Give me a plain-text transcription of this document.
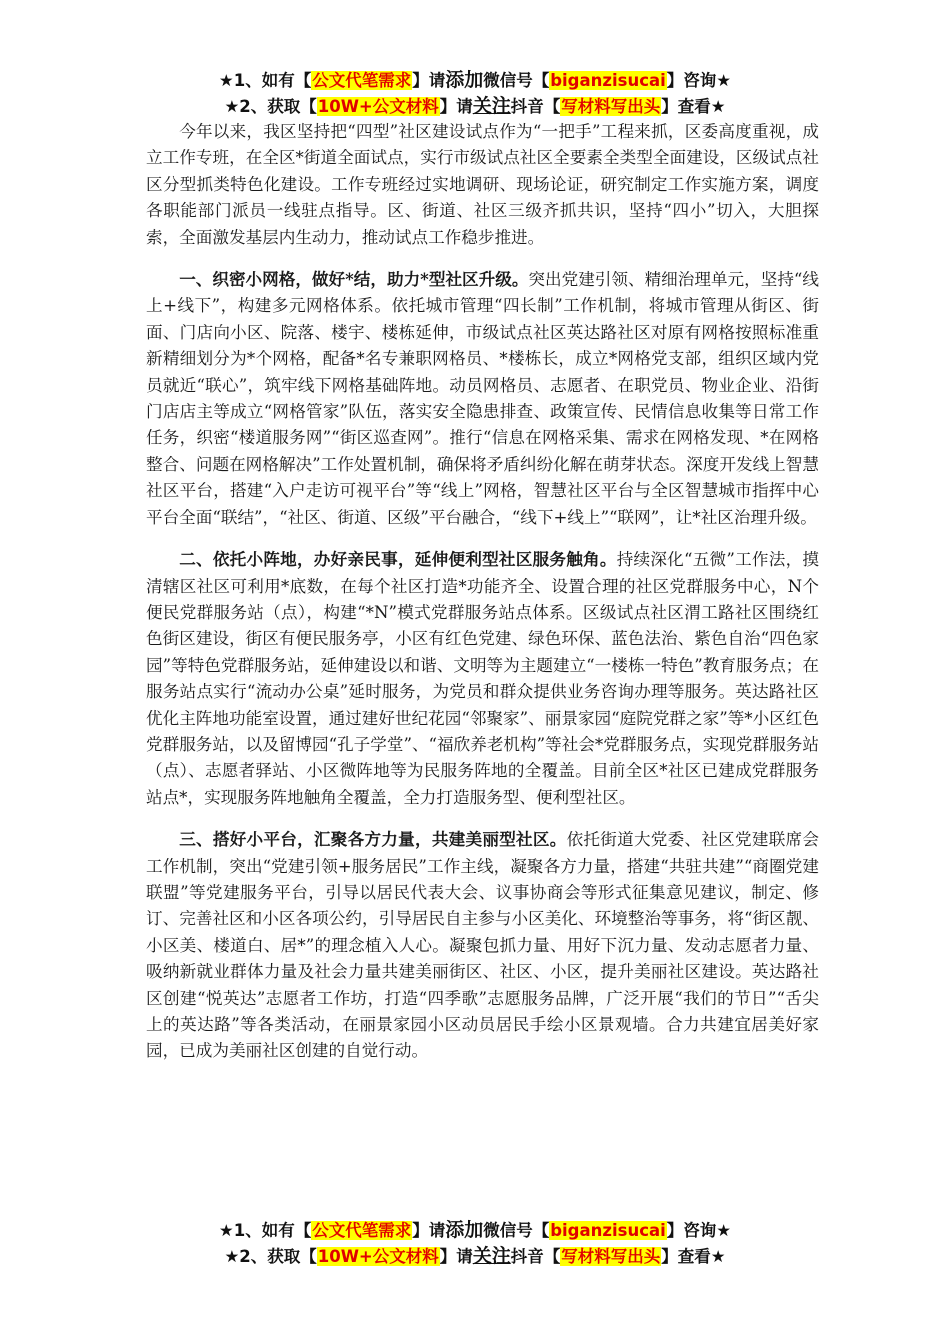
★1、如有【公文代笔需求】请添加微信号【biganzisucai】咨询★
★2、获取【10W+公文材料】请关注抖音【写材料写出头】查看★

今年以来，我区坚持把“四型”社区建设试点作为“一把手”工程来抓，区委高度重视，成立工作专班，在全区*街道全面试点，实行市级试点社区全要素全类型全面建设，区级试点社区分型抓类特色化建设。工作专班经过实地调研、现场论证，研究制定工作实施方案，调度各职能部门派员一线驻点指导。区、街道、社区三级齐抓共识，坚持“四小”切入，大胆探索，全面激发基层内生动力，推动试点工作稳步推进。

一、织密小网格，做好*结，助力*型社区升级。突出党建引领、精细治理单元，坚持“线上+线下”，构建多元网格体系。依托城市管理“四长制”工作机制，将城市管理从街区、街面、门店向小区、院落、楼宇、楼栋延伸，市级试点社区英达路社区对原有网格按照标准重新精细划分为*个网格，配备*名专兼职网格员、*楼栋长，成立*网格党支部，组织区域内党员就近“联心”，筑牢线下网格基础阵地。动员网格员、志愿者、在职党员、物业企业、沿街门店店主等成立“网格管家”队伍，落实安全隐患排查、政策宣传、民情信息收集等日常工作任务，织密“楼道服务网”“街区巡查网”。推行“信息在网格采集、需求在网格发现、*在网格整合、问题在网格解决”工作处置机制，确保将矛盾纠纷化解在萌芽状态。深度开发线上智慧社区平台，搭建“入户走访可视平台”等“线上”网格，智慧社区平台与全区智慧城市指挥中心平台全面“联结”，“社区、街道、区级”平台融合，“线下+线上”“联网”，让*社区治理升级。

二、依托小阵地，办好亲民事，延伸便利型社区服务触角。持续深化“五微”工作法，摸清辖区社区可利用*底数，在每个社区打造*功能齐全、设置合理的社区党群服务中心，N个便民党群服务站（点），构建“*N”模式党群服务站点体系。区级试点社区渭工路社区围绕红色街区建设，街区有便民服务亭，小区有红色党建、绿色环保、蓝色法治、紫色自治“四色家园”等特色党群服务站，延伸建设以和谐、文明等为主题建立“一楼栋一特色”教育服务点；在服务站点实行“流动办公桌”延时服务，为党员和群众提供业务咨询办理等服务。英达路社区优化主阵地功能室设置，通过建好世纪花园“邻聚家”、丽景家园“庭院党群之家”等*小区红色党群服务站，以及留博园“孔子学堂”、“福欣养老机构”等社会*党群服务点，实现党群服务站（点）、志愿者驿站、小区微阵地等为民服务阵地的全覆盖。目前全区*社区已建成党群服务站点*，实现服务阵地触角全覆盖，全力打造服务型、便利型社区。

三、搭好小平台，汇聚各方力量，共建美丽型社区。依托街道大党委、社区党建联席会工作机制，突出“党建引领+服务居民”工作主线，凝聚各方力量，搭建“共驻共建”“商圈党建联盟”等党建服务平台，引导以居民代表大会、议事协商会等形式征集意见建议，制定、修订、完善社区和小区各项公约，引导居民自主参与小区美化、环境整治等事务，将“街区靓、小区美、楼道白、居*”的理念植入人心。凝聚包抓力量、用好下沉力量、发动志愿者力量、吸纳新就业群体力量及社会力量共建美丽街区、社区、小区，提升美丽社区建设。英达路社区创建“悦英达”志愿者工作坊，打造“四季歌”志愿服务品牌，广泛开展“我们的节日”“舌尖上的英达路”等各类活动，在丽景家园小区动员居民手绘小区景观墙。合力共建宜居美好家园，已成为美丽社区创建的自觉行动。

★1、如有【公文代笔需求】请添加微信号【biganzisucai】咨询★
★2、获取【10W+公文材料】请关注抖音【写材料写出头】查看★
